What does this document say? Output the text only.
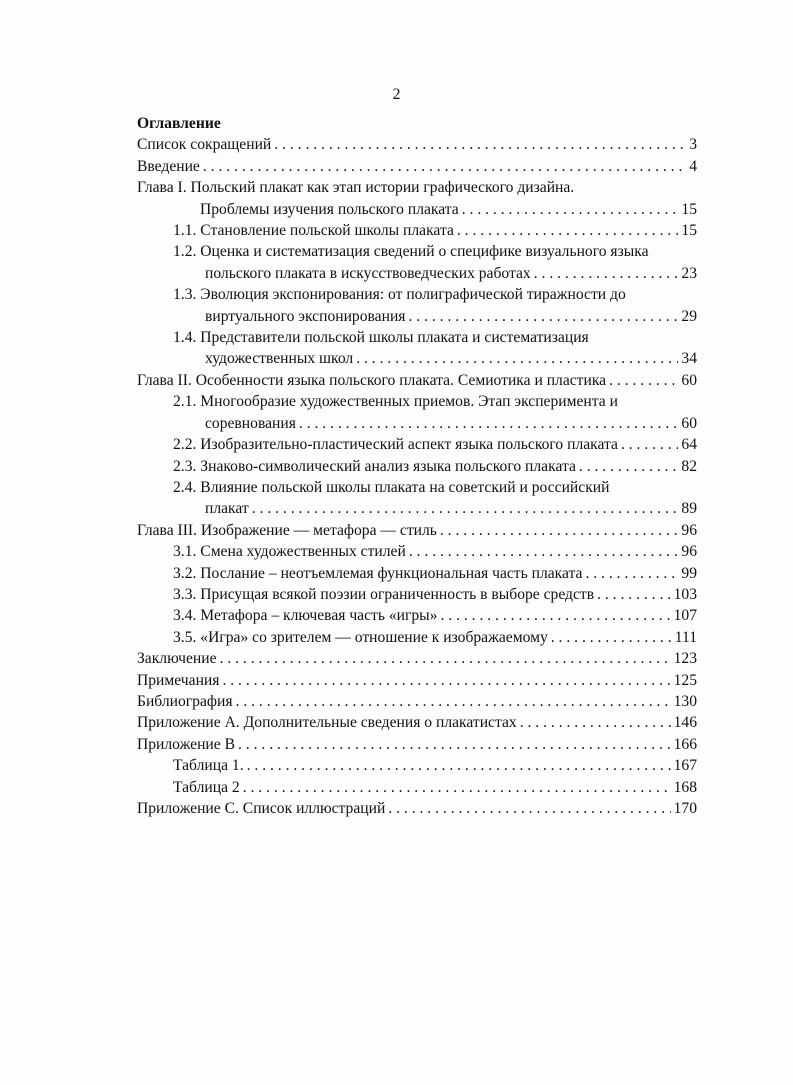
2
Оглавление
Список сокращений . . .	3
Введение . . .	4
Глава I. Польский плакат как этап истории графического дизайна.
Проблемы изучения польского плаката . . .	15
1.1. Становление польской школы плаката . . .	15
1.2. Оценка и систематизация сведений о специфике визуального языка
польского плаката в искусствоведческих работах . . .	23
1.3. Эволюция экспонирования: от полиграфической тиражности до
виртуального экспонирования . . .	29
1.4. Представители польской школы плаката и систематизация
художественных школ . . .	34
Глава II. Особенности языка польского плаката. Семиотика и пластика . . .	60
2.1. Многообразие художественных приемов. Этап эксперимента и
соревнования . . .	60
2.2. Изобразительно-пластический аспект языка польского плаката . . .	64
2.3. Знаково-символический анализ языка польского плаката . . .	82
2.4. Влияние польской школы плаката на советский и российский
плакат . . .	89
Глава III. Изображение — метафора — стиль . . .	96
3.1. Смена художественных стилей . . .	96
3.2. Послание – неотъемлемая функциональная часть плаката . . .	99
3.3. Присущая всякой поэзии ограниченность в выборе средств . . .	103
3.4. Метафора – ключевая часть «игры» . . .	107
3.5. «Игра» со зрителем — отношение к изображаемому . . .	111
Заключение . . .	123
Примечания . . .	125
Библиография . . .	130
Приложение А. Дополнительные сведения о плакатистах . . .	146
Приложение В . . .	166
Таблица 1. . . .	167
Таблица 2 . . .	168
Приложение С. Список иллюстраций . . .	170
